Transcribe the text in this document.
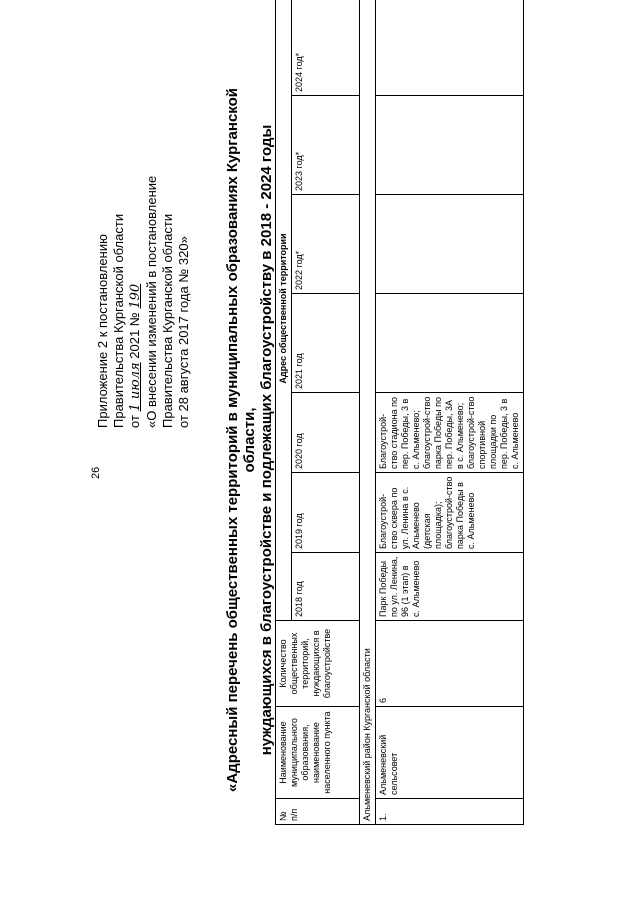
26
Приложение 2 к постановлению Правительства Курганской области от 1 июля 2021 № 190 «О внесении изменений в постановление Правительства Курганской области от 28 августа 2017 года № 320» «Адресный перечень общественных территорий в муниципальных образованиях Курганской области, нуждающихся в благоустройстве и подлежащих благоустройству в 2018 - 2024 годы
№ п/п	Наименование муниципального образования, наименование населенного пункта	Количество общественных территорий, нуждающихся в благоустройстве	Адрес общественной территории						
			2018 год	2019 год	2020 год	2021 год	2022 год*	2023 год*	2024 год*
Альменевский район Курганской области									
1.	Альменевский сельсовет	6	Парк Победы по ул. Ленина, 96 (1 этап) в с. Альменево	Благоустрой-ство сквера по ул. Ленина в с. Альменево (детская площадка); благоустрой-ство парка Победы в с. Альменево	Благоустрой-ство стадиона по пер. Победы, 3 в с. Альменево; благоустрой-ство парка Победы по пер. Победы, 3А в с. Альменево; благоустрой-ство спортивной площадки по пер. Победы, 3 в с. Альменево				
